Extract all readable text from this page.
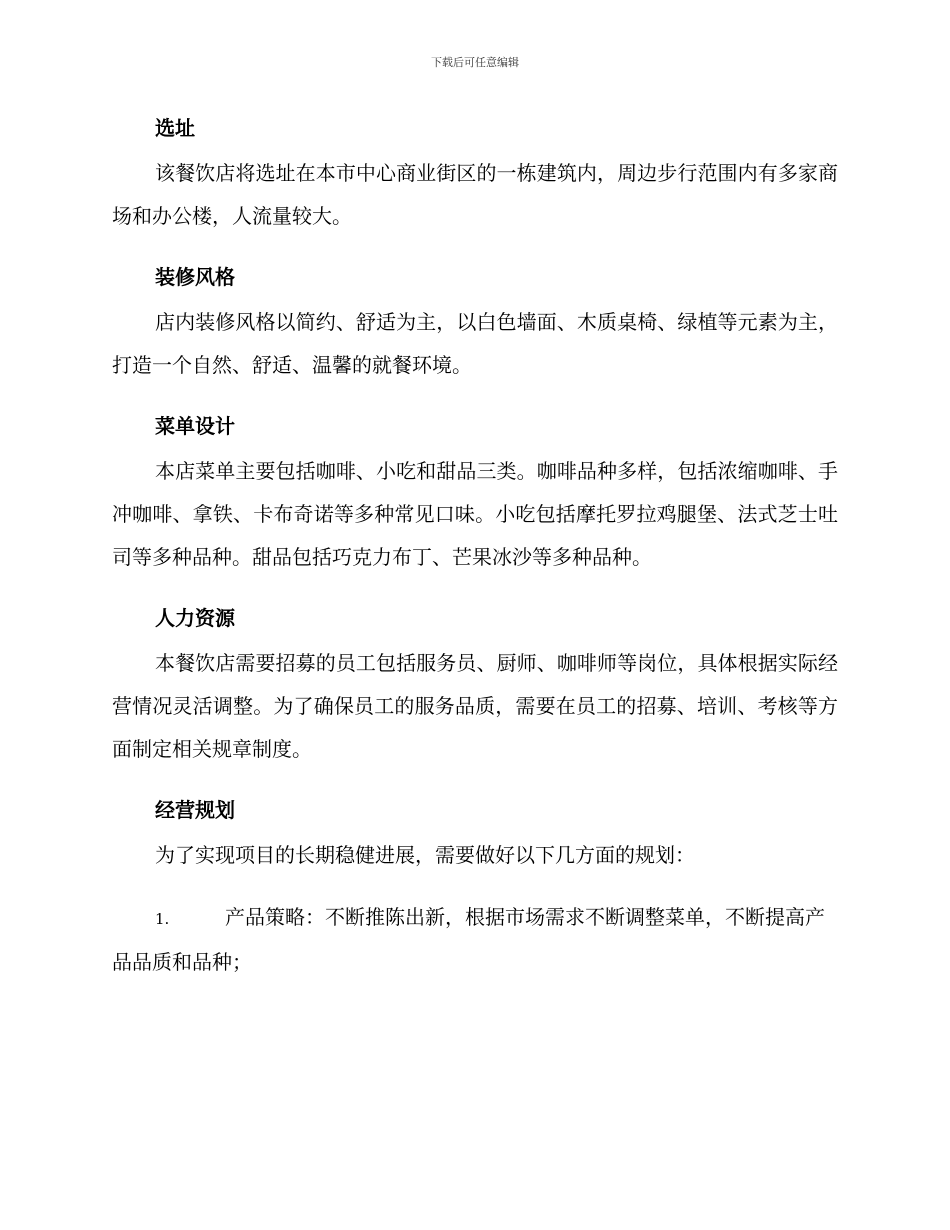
下载后可任意编辑
选址

该餐饮店将选址在本市中心商业街区的一栋建筑内，周边步行范围内有多家商场和办公楼，人流量较大。

装修风格

店内装修风格以简约、舒适为主，以白色墙面、木质桌椅、绿植等元素为主，打造一个自然、舒适、温馨的就餐环境。

菜单设计

本店菜单主要包括咖啡、小吃和甜品三类。咖啡品种多样，包括浓缩咖啡、手冲咖啡、拿铁、卡布奇诺等多种常见口味。小吃包括摩托罗拉鸡腿堡、法式芝士吐司等多种品种。甜品包括巧克力布丁、芒果冰沙等多种品种。

人力资源

本餐饮店需要招募的员工包括服务员、厨师、咖啡师等岗位，具体根据实际经营情况灵活调整。为了确保员工的服务品质，需要在员工的招募、培训、考核等方面制定相关规章制度。

经营规划

为了实现项目的长期稳健进展，需要做好以下几方面的规划：

1.	产品策略：不断推陈出新，根据市场需求不断调整菜单，不断提高产品品质和品种；
